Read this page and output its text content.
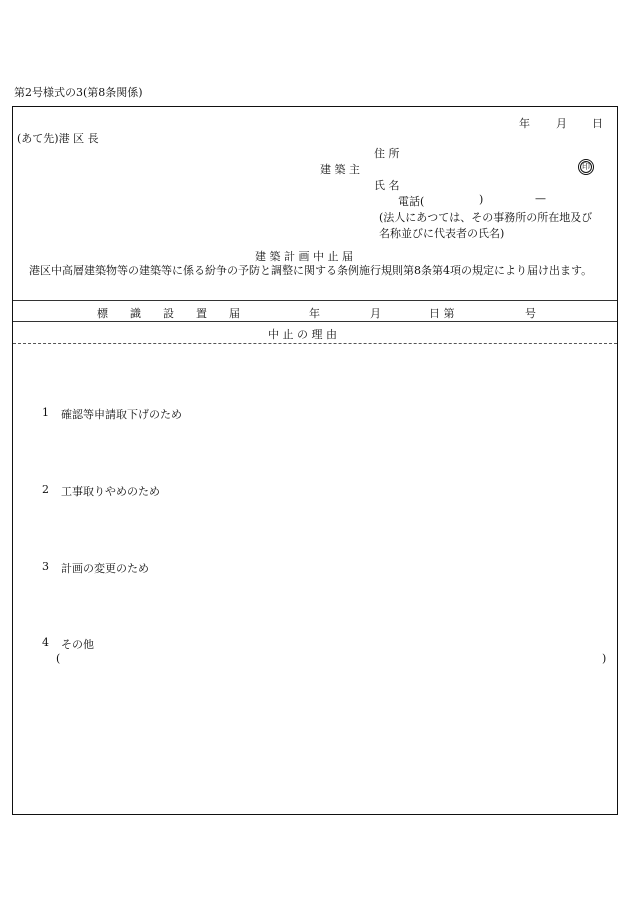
第2号様式の3(第8条関係)
年 月 日
(あて先)港 区 長
住 所
建 築 主
氏 名
印
電話(	)	—
(法人にあつては、その事務所の所在地及び
名称並びに代表者の氏名)
建 築 計 画 中 止 届
港区中高層建築物等の建築等に係る紛争の予防と調整に関する条例施行規則第8条第4項の規定により届け出ます。
標　　識　　設　　置　　届	年	月	日 第	号
中 止 の 理 由
1 確認等申請取下げのため
2 工事取りやめのため
3 計画の変更のため
4 その他
(	)
